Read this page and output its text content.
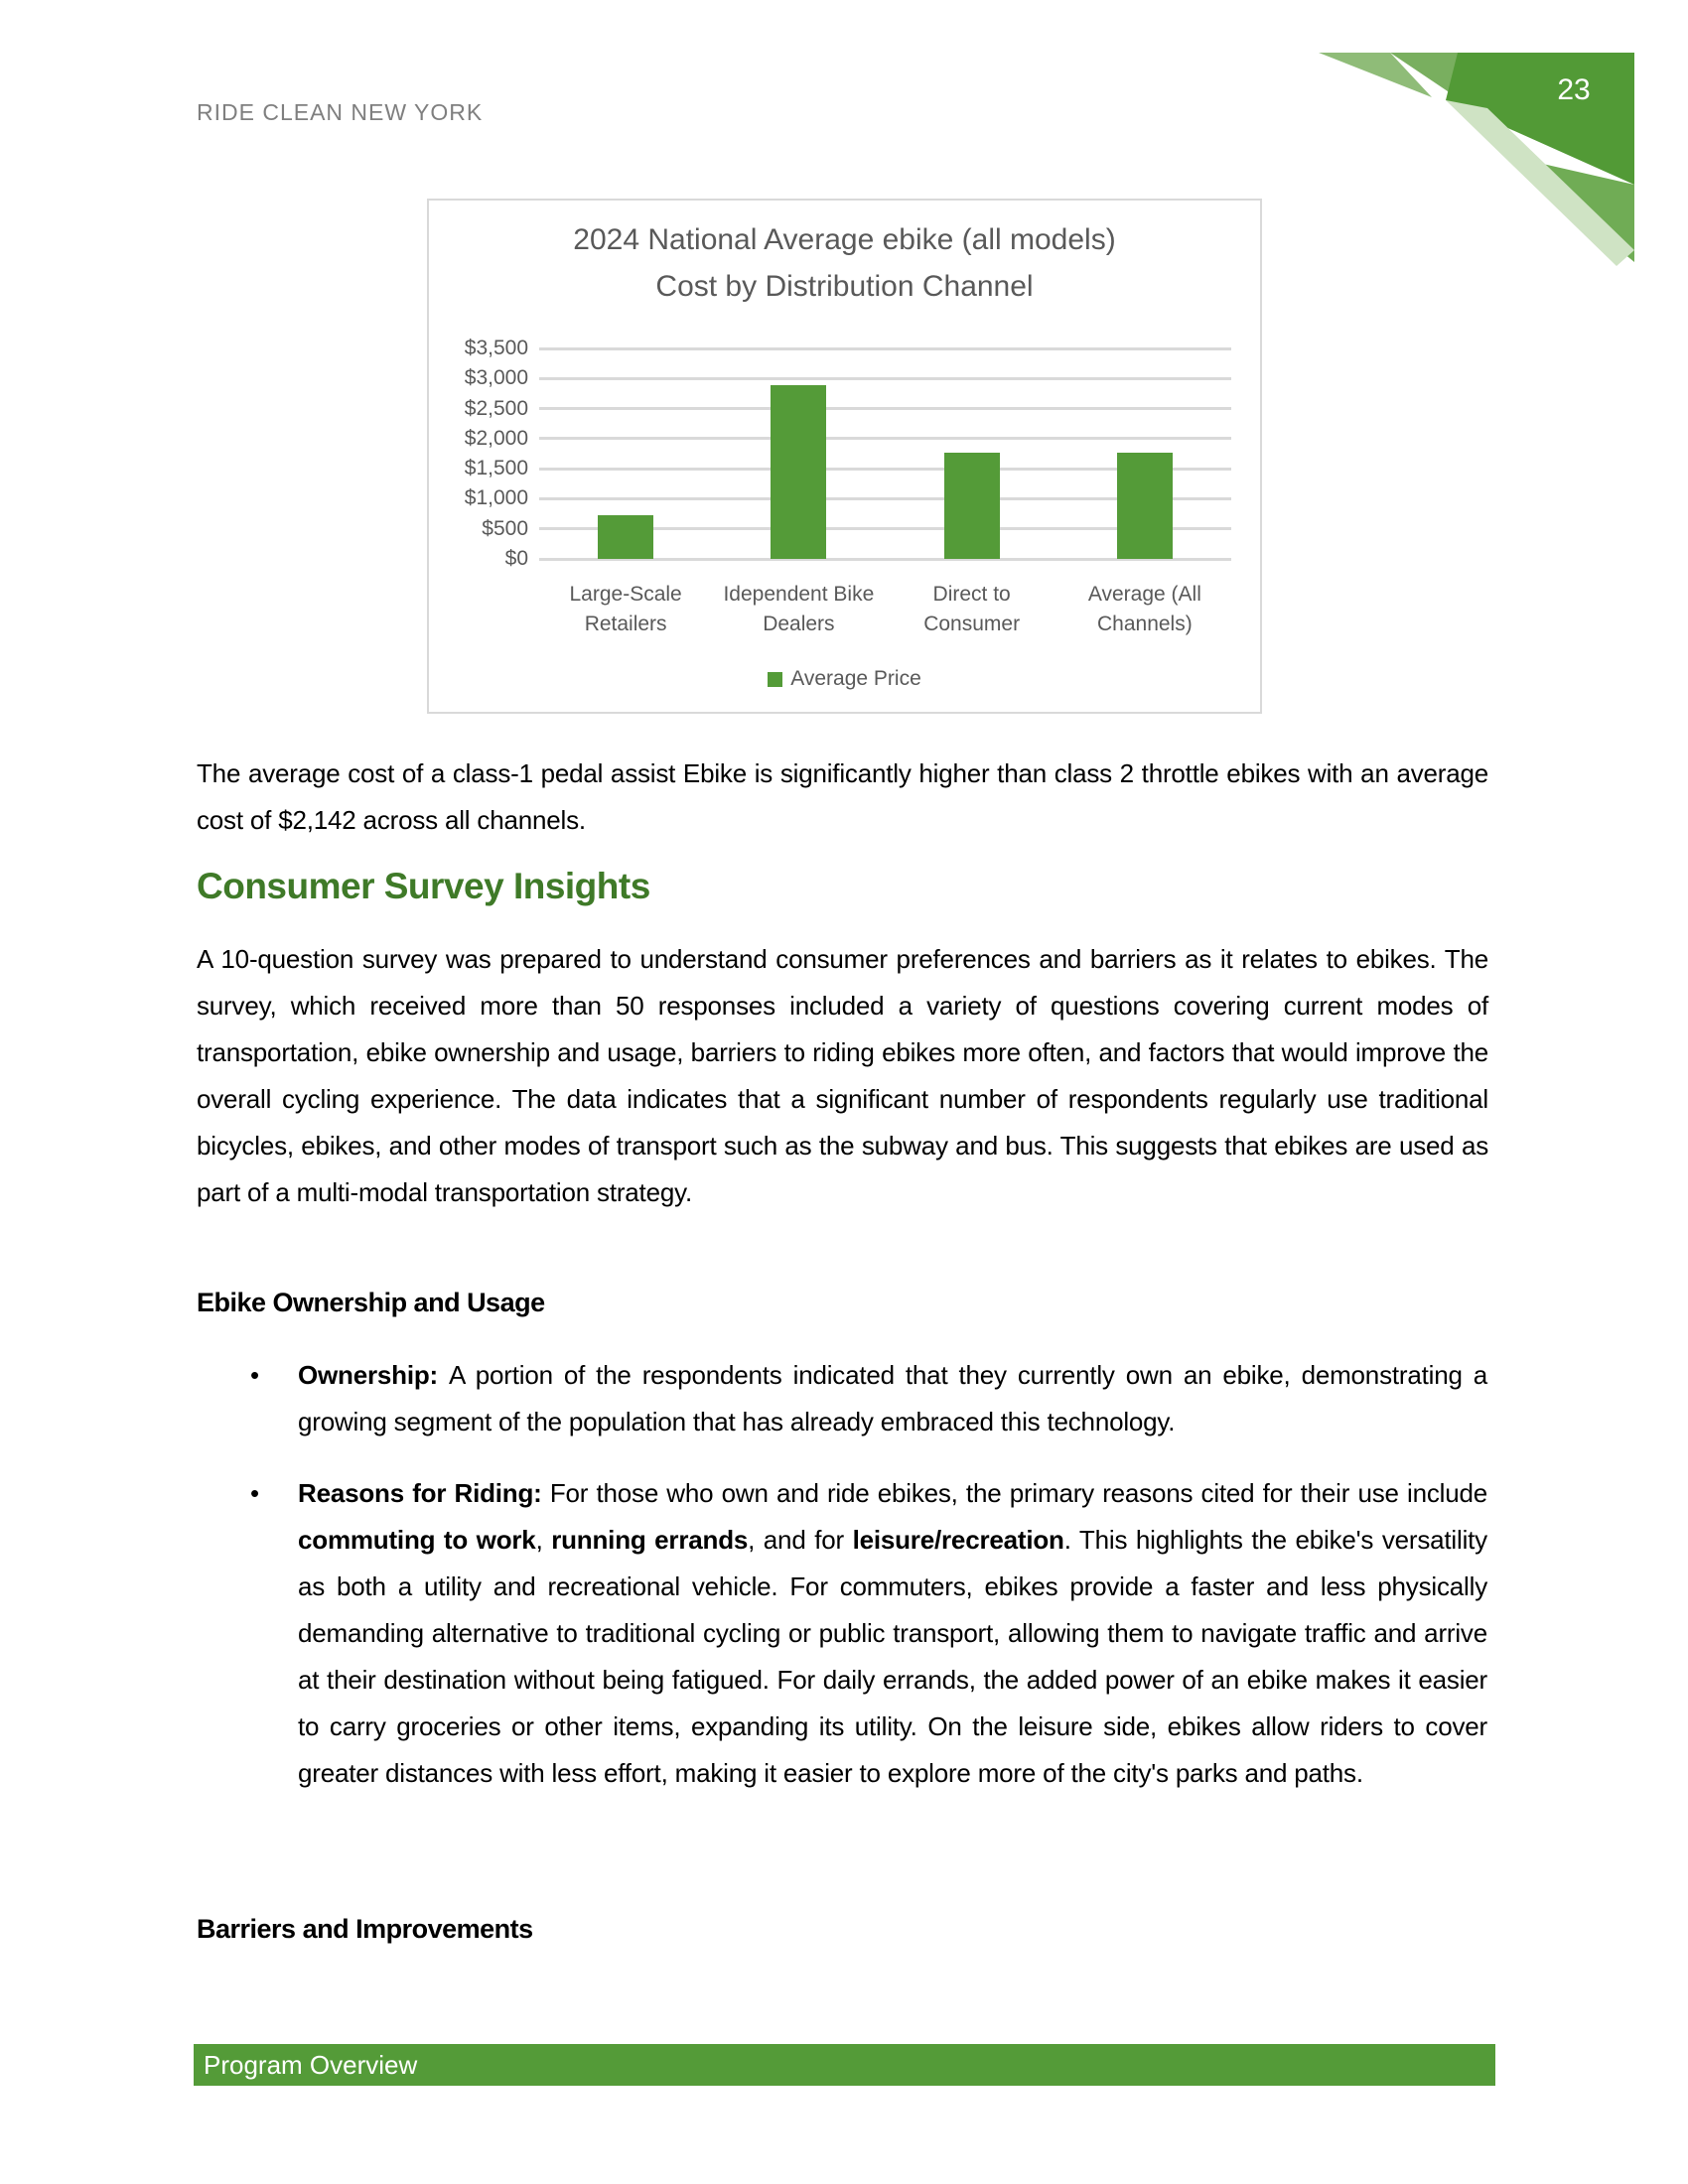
RIDE CLEAN NEW YORK
23
2024 National Average ebike (all models)
Cost by Distribution Channel
Average Price
$3,500
$3,000
$2,500
$2,000
$1,500
$1,000
$500
$0
Large-Scale
Retailers
Idependent Bike
Dealers
Direct to
Consumer
Average (All
Channels)

The average cost of a class-1 pedal assist Ebike is significantly higher than class 2 throttle ebikes with an average cost of $2,142 across all channels.

Consumer Survey Insights

A 10-question survey was prepared to understand consumer preferences and barriers as it relates to ebikes. The survey, which received more than 50 responses included a variety of questions covering current modes of transportation, ebike ownership and usage, barriers to riding ebikes more often, and factors that would improve the overall cycling experience. The data indicates that a significant number of respondents regularly use traditional bicycles, ebikes, and other modes of transport such as the subway and bus. This suggests that ebikes are used as part of a multi-modal transportation strategy.

Ebike Ownership and Usage
• Ownership: A portion of the respondents indicated that they currently own an ebike, demonstrating a growing segment of the population that has already embraced this technology.
• Reasons for Riding: For those who own and ride ebikes, the primary reasons cited for their use include commuting to work, running errands, and for leisure/recreation. This highlights the ebike's versatility as both a utility and recreational vehicle. For commuters, ebikes provide a faster and less physically demanding alternative to traditional cycling or public transport, allowing them to navigate traffic and arrive at their destination without being fatigued. For daily errands, the added power of an ebike makes it easier to carry groceries or other items, expanding its utility. On the leisure side, ebikes allow riders to cover greater distances with less effort, making it easier to explore more of the city's parks and paths.
Barriers and Improvements
Program Overview
